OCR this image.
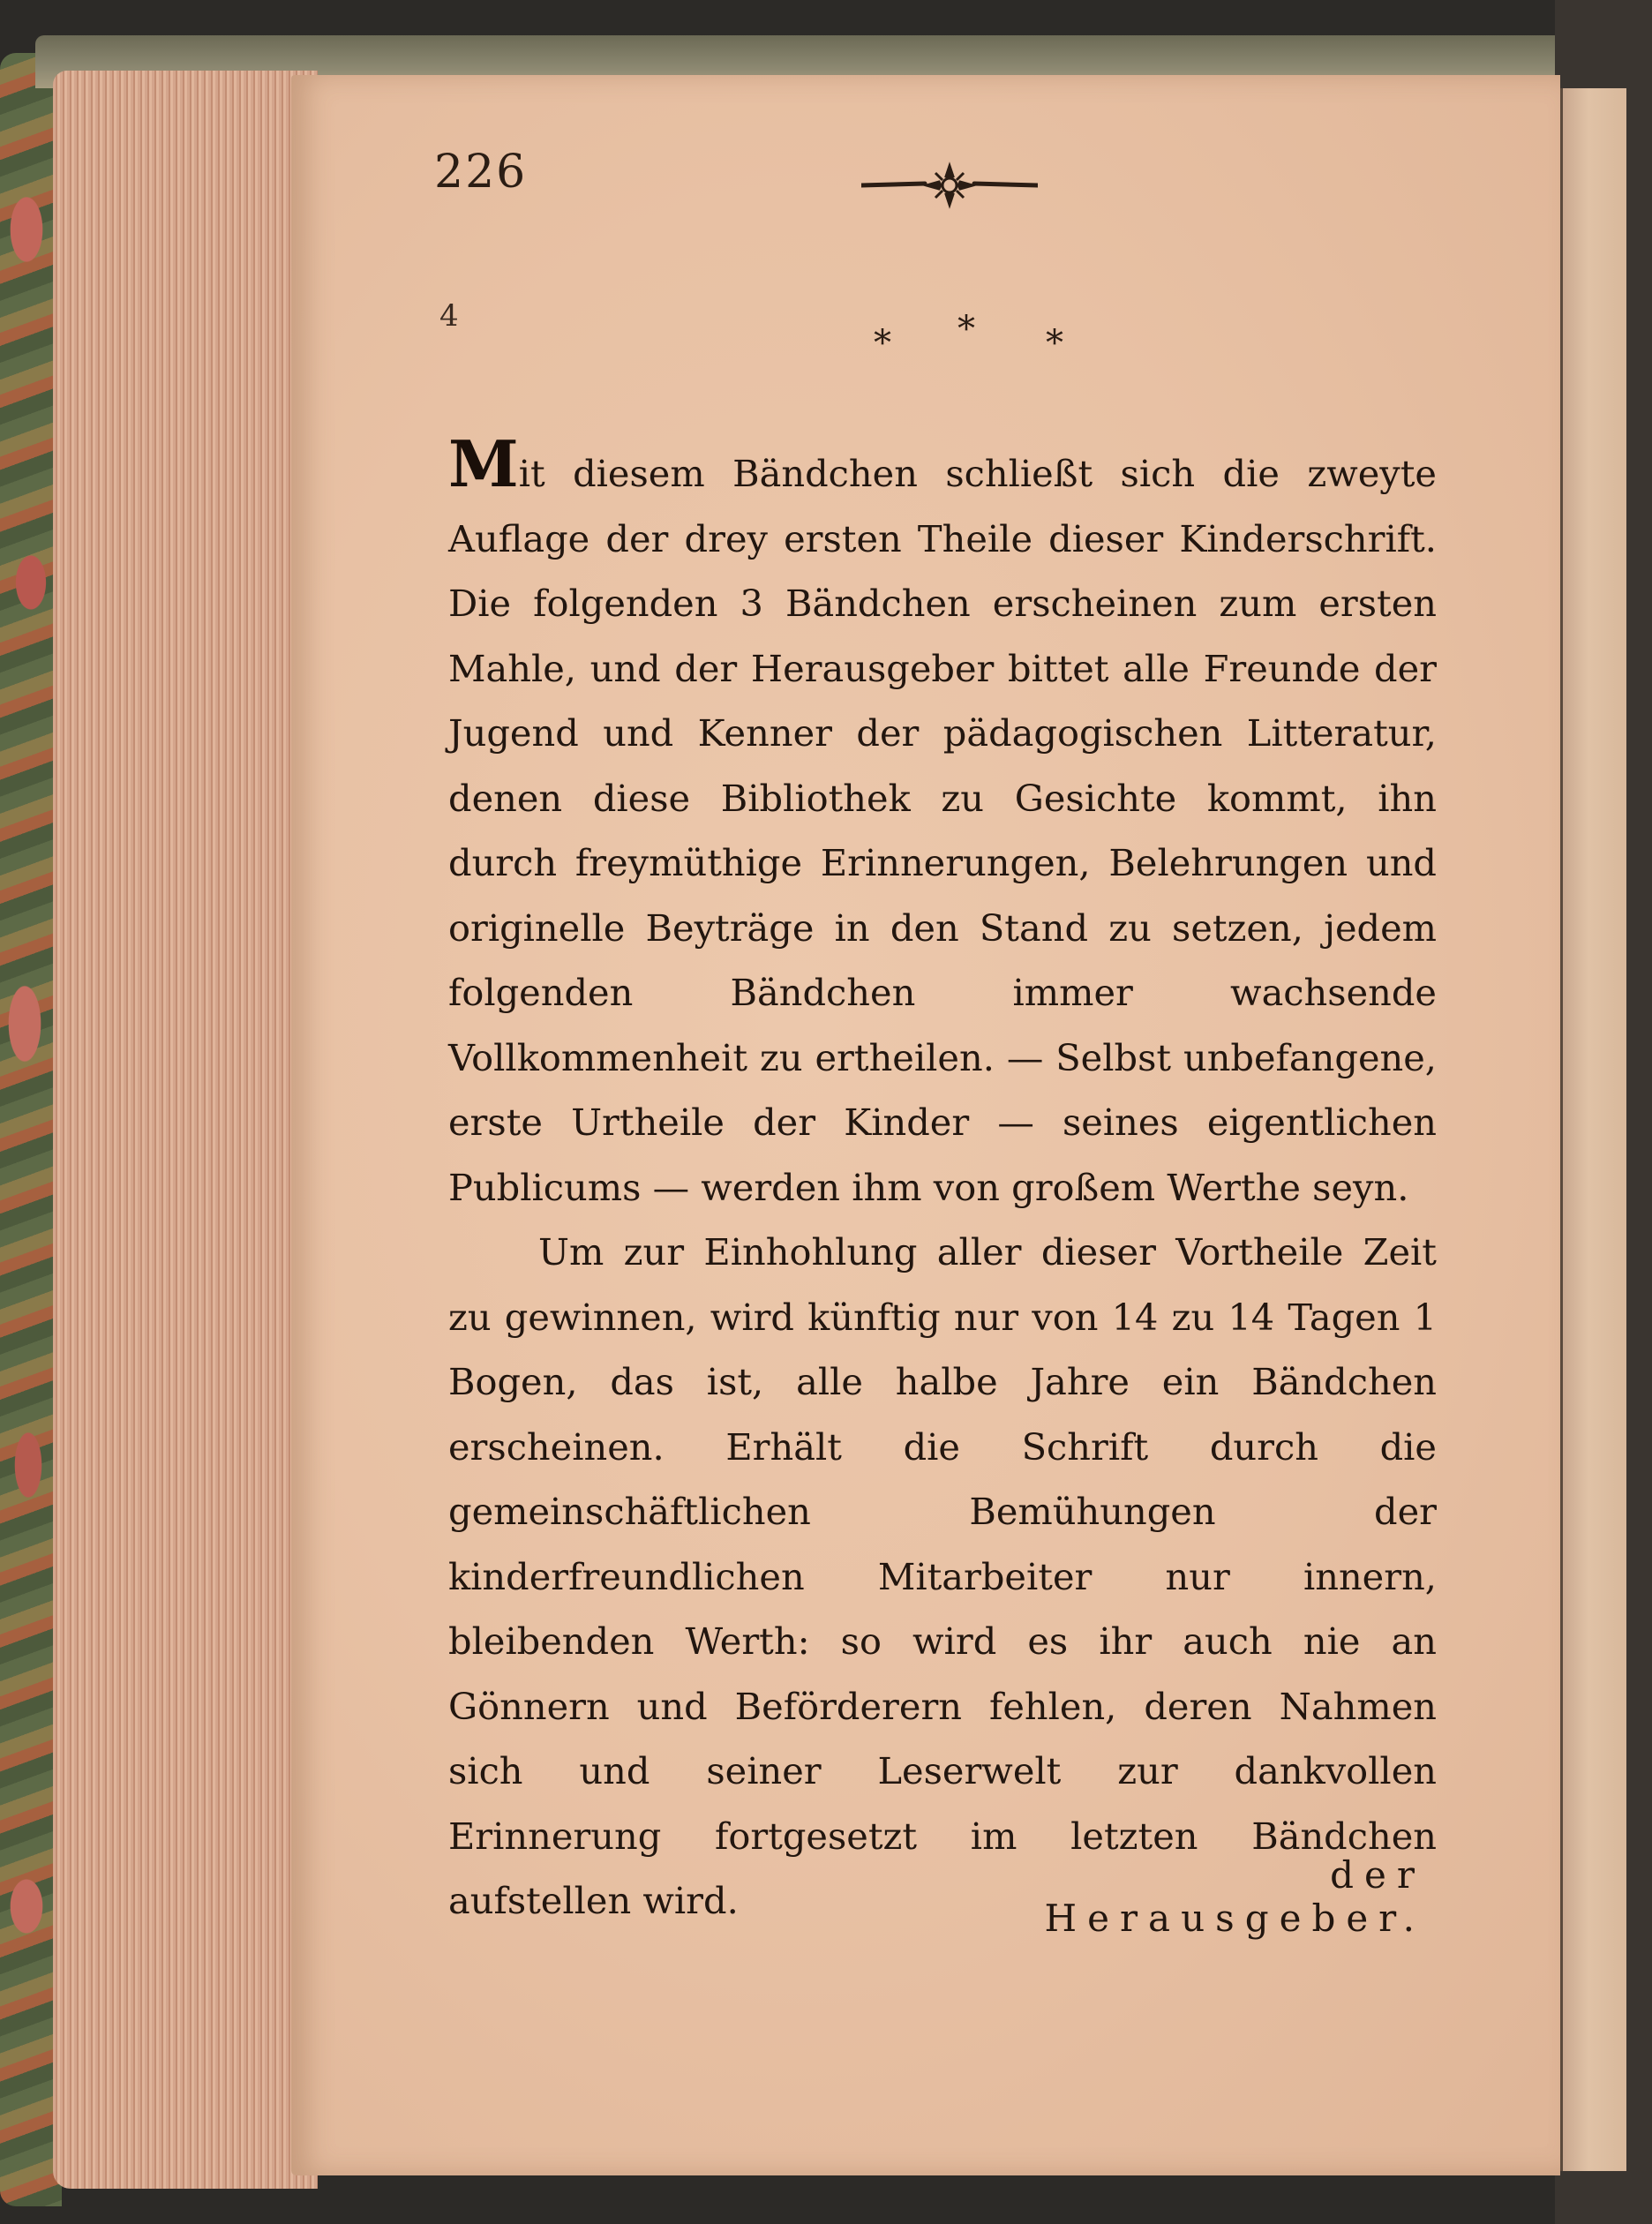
226
4
* * *
Mit diesem Bändchen schließt sich die zweyte Auflage der drey ersten Theile dieser Kinderschrift. Die folgenden 3 Bändchen erscheinen zum ersten Mahle, und der Herausgeber bittet alle Freunde der Jugend und Kenner der pädagogischen Litteratur, denen diese Bibliothek zu Gesichte kommt, ihn durch freymüthige Erinnerungen, Belehrungen und originelle Beyträge in den Stand zu setzen, jedem folgenden Bändchen immer wachsende Vollkommenheit zu ertheilen. — Selbst unbefangene, erste Urtheile der Kinder — seines eigentlichen Publicums — werden ihm von großem Werthe seyn.
Um zur Einhohlung aller dieser Vortheile Zeit zu gewinnen, wird künftig nur von 14 zu 14 Tagen 1 Bogen, das ist, alle halbe Jahre ein Bändchen erscheinen. Erhält die Schrift durch die gemeinschäftlichen Bemühungen der kinderfreundlichen Mitarbeiter nur innern, bleibenden Werth: so wird es ihr auch nie an Gönnern und Beförderern fehlen, deren Nahmen sich und seiner Leserwelt zur dankvollen Erinnerung fortgesetzt im letzten Bändchen aufstellen wird.
der Herausgeber.
